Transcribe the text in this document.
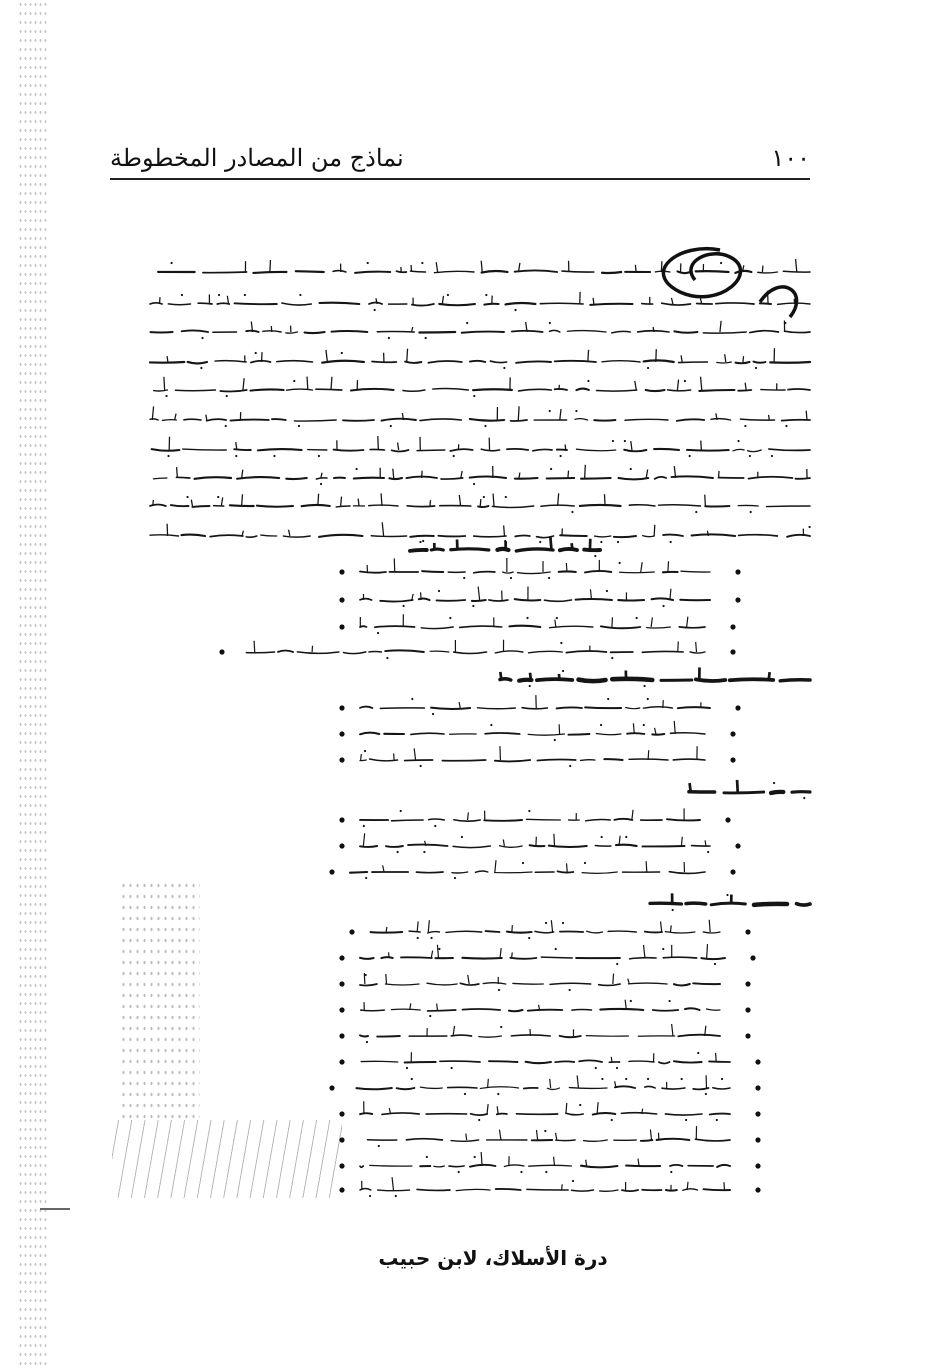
نماذج من المصادر المخطوطة	١٠٠
درة الأسلاك، لابن حبيب
